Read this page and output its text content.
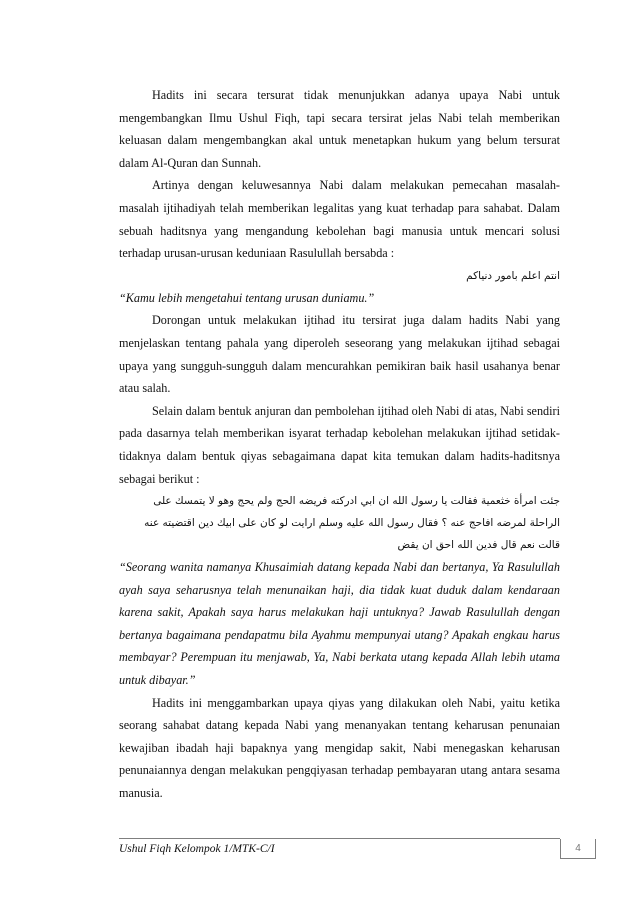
Hadits ini secara tersurat tidak menunjukkan adanya upaya Nabi untuk mengembangkan Ilmu Ushul Fiqh, tapi secara tersirat jelas Nabi telah memberikan keluasan dalam mengembangkan akal untuk menetapkan hukum yang belum tersurat dalam Al-Quran dan Sunnah.

Artinya dengan keluwesannya Nabi dalam melakukan pemecahan masalah-masalah ijtihadiyah telah memberikan legalitas yang kuat terhadap para sahabat. Dalam sebuah haditsnya yang mengandung kebolehan bagi manusia untuk mencari solusi terhadap urusan-urusan keduniaan Rasulullah bersabda :

انتم اعلم بامور دنياكم

“Kamu lebih mengetahui tentang urusan duniamu.”

Dorongan untuk melakukan ijtihad itu tersirat juga dalam hadits Nabi yang menjelaskan tentang pahala yang diperoleh seseorang yang melakukan ijtihad sebagai upaya yang sungguh-sungguh dalam mencurahkan pemikiran baik hasil usahanya benar atau salah.

Selain dalam bentuk anjuran dan pembolehan ijtihad oleh Nabi di atas, Nabi sendiri pada dasarnya telah memberikan isyarat terhadap kebolehan melakukan ijtihad setidak-tidaknya dalam bentuk qiyas sebagaimana dapat kita temukan dalam hadits-haditsnya sebagai berikut :

جئت امرأة خثعمية فقالت يا رسول الله ان ابي ادركته فريضه الحج ولم يحج وهو لا يتمسك على

الراحلة لمرضه افاحج عنه ؟ فقال رسول الله عليه وسلم ارايت لو كان على ابيك دين اقتضيته عنه

قالت نعم قال فدين الله احق ان يقض

“Seorang wanita namanya Khusaimiah datang kepada Nabi dan bertanya, Ya Rasulullah ayah saya seharusnya telah menunaikan haji, dia tidak kuat duduk dalam kendaraan karena sakit, Apakah saya harus melakukan haji untuknya? Jawab Rasulullah dengan bertanya bagaimana pendapatmu bila Ayahmu mempunyai utang? Apakah engkau harus membayar? Perempuan itu menjawab, Ya, Nabi berkata utang kepada Allah lebih utama untuk dibayar.”

Hadits ini menggambarkan upaya qiyas yang dilakukan oleh Nabi, yaitu ketika seorang sahabat datang kepada Nabi yang menanyakan tentang keharusan penunaian kewajiban ibadah haji bapaknya yang mengidap sakit, Nabi menegaskan keharusan penunaiannya dengan melakukan pengqiyasan terhadap pembayaran utang antara sesama manusia.

Ushul Fiqh Kelompok 1/MTK-C/I	4
